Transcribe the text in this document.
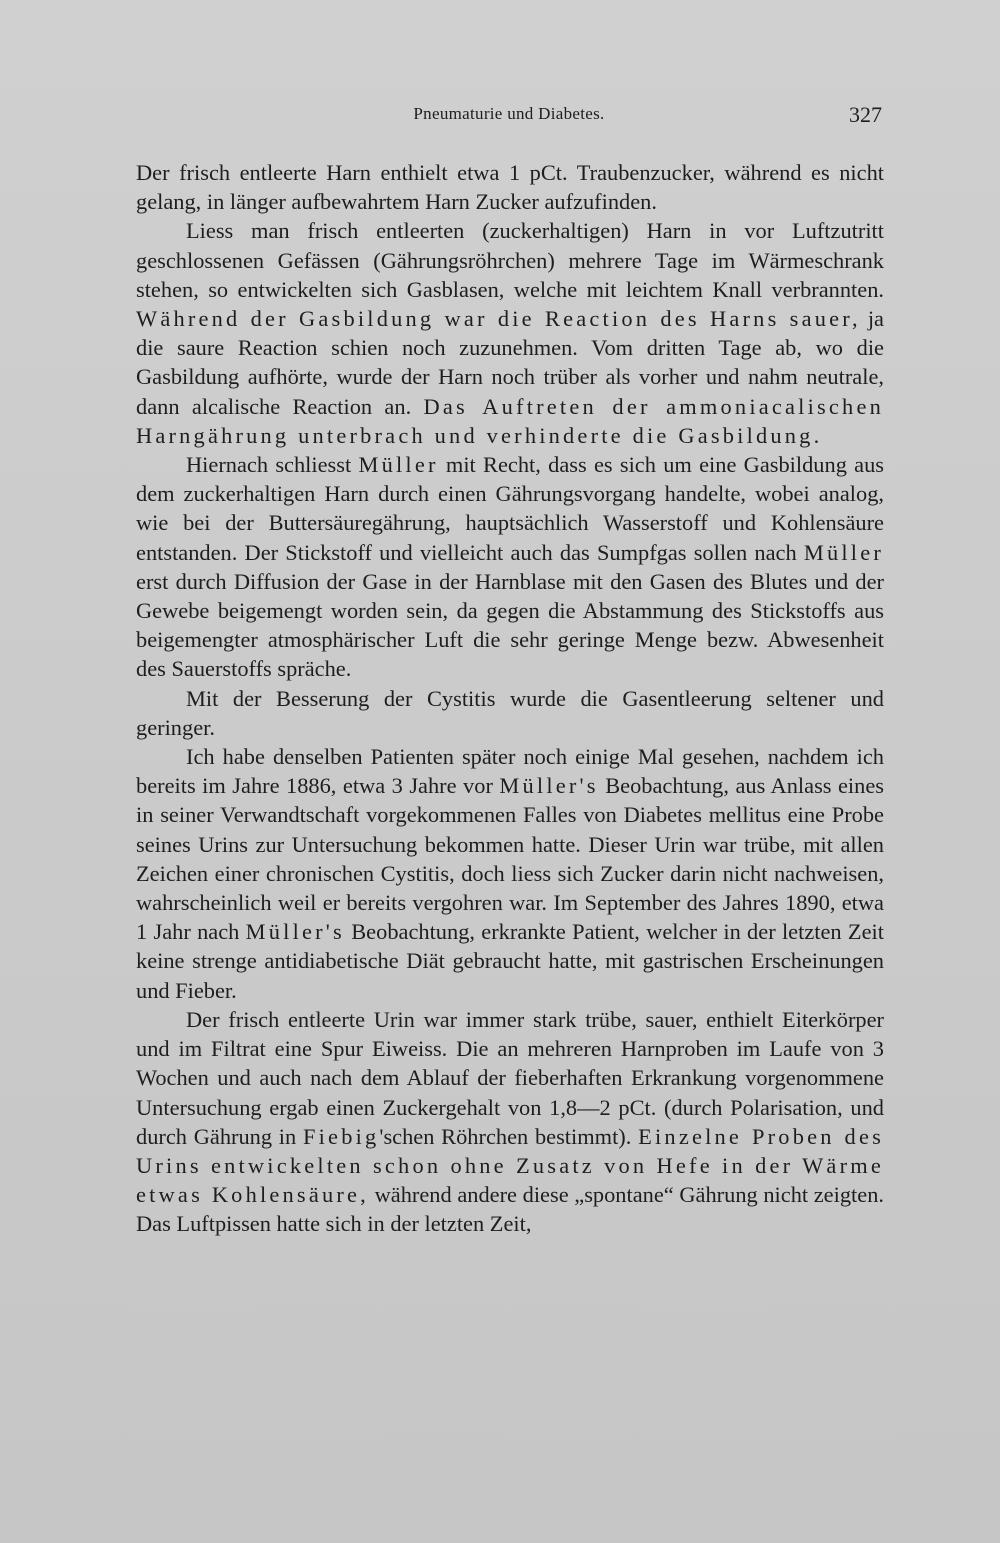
Pneumaturie und Diabetes.	327

Der frisch entleerte Harn enthielt etwa 1 pCt. Traubenzucker, während es nicht gelang, in länger aufbewahrtem Harn Zucker aufzufinden.

Liess man frisch entleerten (zuckerhaltigen) Harn in vor Luftzutritt geschlossenen Gefässen (Gährungsröhrchen) mehrere Tage im Wärmeschrank stehen, so entwickelten sich Gasblasen, welche mit leichtem Knall verbrannten. Während der Gasbildung war die Reaction des Harns sauer, ja die saure Reaction schien noch zuzunehmen. Vom dritten Tage ab, wo die Gasbildung aufhörte, wurde der Harn noch trüber als vorher und nahm neutrale, dann alcalische Reaction an. Das Auftreten der ammoniacalischen Harngährung unterbrach und verhinderte die Gasbildung.

Hiernach schliesst Müller mit Recht, dass es sich um eine Gasbildung aus dem zuckerhaltigen Harn durch einen Gährungsvorgang handelte, wobei analog, wie bei der Buttersäuregährung, hauptsächlich Wasserstoff und Kohlensäure entstanden. Der Stickstoff und vielleicht auch das Sumpfgas sollen nach Müller erst durch Diffusion der Gase in der Harnblase mit den Gasen des Blutes und der Gewebe beigemengt worden sein, da gegen die Abstammung des Stickstoffs aus beigemengter atmosphärischer Luft die sehr geringe Menge bezw. Abwesenheit des Sauerstoffs spräche.

Mit der Besserung der Cystitis wurde die Gasentleerung seltener und geringer.

Ich habe denselben Patienten später noch einige Mal gesehen, nachdem ich bereits im Jahre 1886, etwa 3 Jahre vor Müller's Beobachtung, aus Anlass eines in seiner Verwandtschaft vorgekommenen Falles von Diabetes mellitus eine Probe seines Urins zur Untersuchung bekommen hatte. Dieser Urin war trübe, mit allen Zeichen einer chronischen Cystitis, doch liess sich Zucker darin nicht nachweisen, wahrscheinlich weil er bereits vergohren war. Im September des Jahres 1890, etwa 1 Jahr nach Müller's Beobachtung, erkrankte Patient, welcher in der letzten Zeit keine strenge antidiabetische Diät gebraucht hatte, mit gastrischen Erscheinungen und Fieber.

Der frisch entleerte Urin war immer stark trübe, sauer, enthielt Eiterkörper und im Filtrat eine Spur Eiweiss. Die an mehreren Harnproben im Laufe von 3 Wochen und auch nach dem Ablauf der fieberhaften Erkrankung vorgenommene Untersuchung ergab einen Zuckergehalt von 1,8—2 pCt. (durch Polarisation, und durch Gährung in Fiebig'schen Röhrchen bestimmt). Einzelne Proben des Urins entwickelten schon ohne Zusatz von Hefe in der Wärme etwas Kohlensäure, während andere diese „spontane“ Gährung nicht zeigten. Das Luftpissen hatte sich in der letzten Zeit,
